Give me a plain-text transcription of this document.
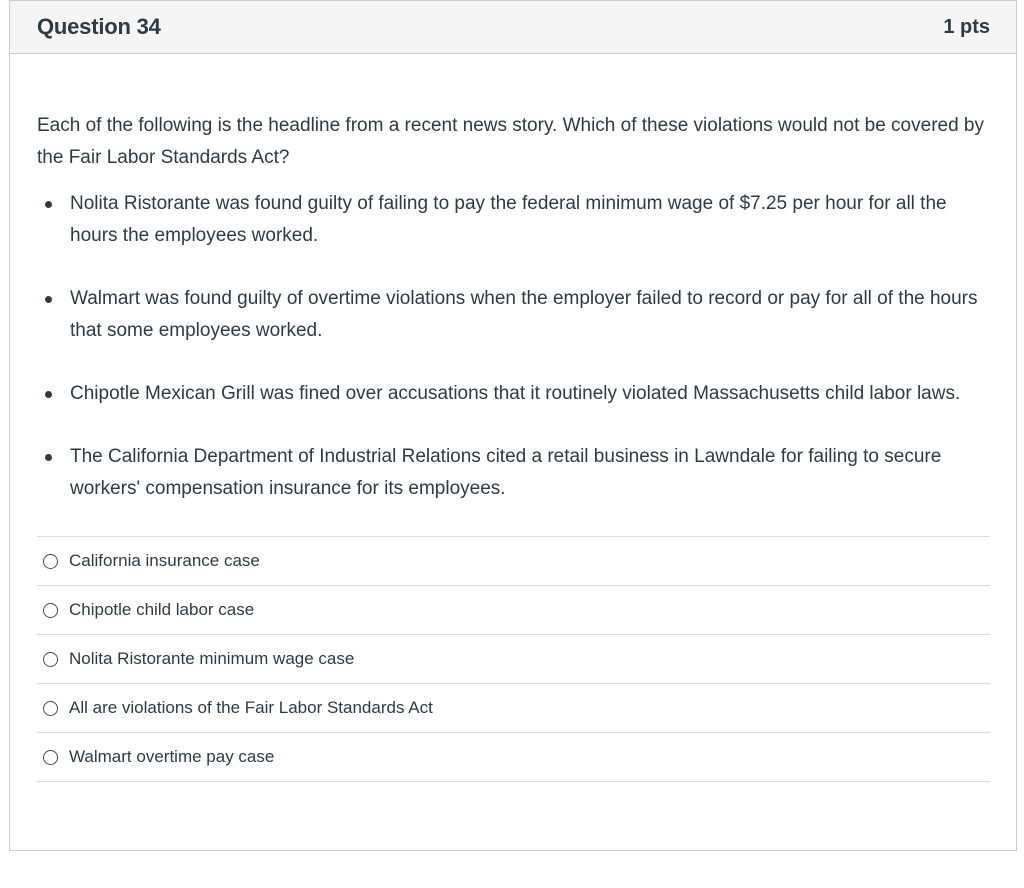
Question 34	1 pts

Each of the following is the headline from a recent news story. Which of these violations would not be covered by the Fair Labor Standards Act?

Nolita Ristorante was found guilty of failing to pay the federal minimum wage of $7.25 per hour for all the hours the employees worked.
Walmart was found guilty of overtime violations when the employer failed to record or pay for all of the hours that some employees worked.
Chipotle Mexican Grill was fined over accusations that it routinely violated Massachusetts child labor laws.
The California Department of Industrial Relations cited a retail business in Lawndale for failing to secure workers' compensation insurance for its employees.
California insurance case
Chipotle child labor case
Nolita Ristorante minimum wage case
All are violations of the Fair Labor Standards Act
Walmart overtime pay case
